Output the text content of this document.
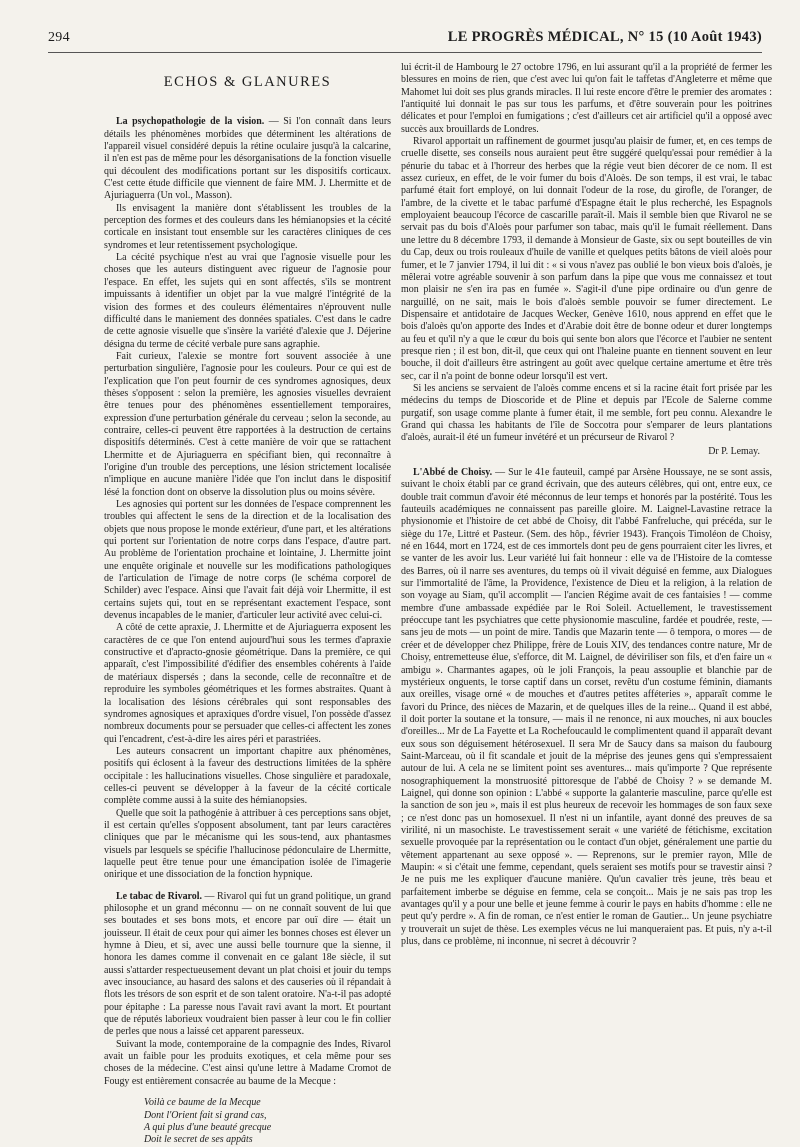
294	LE PROGRÈS MÉDICAL, N° 15 (10 Août 1943)
ECHOS & GLANURES

La psychopathologie de la vision. — Si l'on connaît dans leurs détails les phénomènes morbides que déterminent les altérations de l'appareil visuel considéré depuis la rétine oculaire jusqu'à la calcarine, il n'en est pas de même pour les désorganisations de la fonction visuelle qui découlent des modifications portant sur les dispositifs corticaux. C'est cette étude difficile que viennent de faire MM. J. Lhermitte et de Ajuriaguerra (Un vol., Masson).

Ils envisagent la manière dont s'établissent les troubles de la perception des formes et des couleurs dans les hémianopsies et la cécité corticale en insistant tout ensemble sur les caractères cliniques de ces syndromes et leur retentissement psychologique.

La cécité psychique n'est au vrai que l'agnosie visuelle pour les choses que les auteurs distinguent avec rigueur de l'agnosie pour l'espace. En effet, les sujets qui en sont affectés, s'ils se montrent impuissants à identifier un objet par la vue malgré l'intégrité de la vision des formes et des couleurs élémentaires n'éprouvent nulle difficulté dans le maniement des données spatiales. C'est dans le cadre de cette agnosie visuelle que s'insère la variété d'alexie que J. Déjerine désigna du terme de cécité verbale pure sans agraphie.

Fait curieux, l'alexie se montre fort souvent associée à une perturbation singulière, l'agnosie pour les couleurs. Pour ce qui est de l'explication que l'on peut fournir de ces syndromes agnosiques, deux thèses s'opposent : selon la première, les agnosies visuelles devraient être tenues pour des phénomènes essentiellement temporaires, expression d'une perturbation générale du cerveau ; selon la seconde, au contraire, celles-ci peuvent être rapportées à la destruction de certains dispositifs déterminés. C'est à cette manière de voir que se rattachent Lhermitte et de Ajuriaguerra en spécifiant bien, qui reconnaître à l'origine d'un trouble des perceptions, une lésion strictement localisée n'implique en aucune manière l'idée que l'on inclut dans le dispositif lésé la fonction dont on observe la dissolution plus ou moins sévère.

Les agnosies qui portent sur les données de l'espace comprennent les troubles qui affectent le sens de la direction et de la localisation des objets que nous propose le monde extérieur, d'une part, et les altérations qui portent sur l'orientation de notre corps dans l'espace, d'autre part. Au problème de l'orientation prochaine et lointaine, J. Lhermitte joint une enquête originale et nouvelle sur les modifications pathologiques de l'articulation de l'image de notre corps (le schéma corporel de Schilder) avec l'espace. Ainsi que l'avait fait déjà voir Lhermitte, il est certains sujets qui, tout en se représentant exactement l'espace, sont devenus incapables de le manier, d'articuler leur activité avec celui-ci.

A côté de cette apraxie, J. Lhermitte et de Ajuriaguerra exposent les caractères de ce que l'on entend aujourd'hui sous les termes d'apraxie constructive et d'apracto-gnosie géométrique. Dans la première, ce qui apparaît, c'est l'impossibilité d'édifier des ensembles cohérents à l'aide de matériaux dispersés ; dans la seconde, celle de reconnaître et de reproduire les symboles géométriques et les formes abstraites. Quant à la localisation des lésions cérébrales qui sont responsables des syndromes agnosiques et apraxiques d'ordre visuel, l'on possède d'assez nombreux documents pour se persuader que celles-ci affectent les zones qui l'encadrent, c'est-à-dire les aires péri et parastriées.

Les auteurs consacrent un important chapitre aux phénomènes, positifs qui éclosent à la faveur des destructions limitées de la sphère occipitale : les hallucinations visuelles. Chose singulière et paradoxale, celles-ci peuvent se développer à la faveur de la cécité corticale complète comme aussi à la suite des hémianopsies.

Quelle que soit la pathogénie à attribuer à ces perceptions sans objet, il est certain qu'elles s'opposent absolument, tant par leurs caractères cliniques que par le mécanisme qui les sous-tend, aux phantasmes visuels par lesquels se spécifie l'hallucinose pédonculaire de Lhermitte, laquelle peut être tenue pour une émancipation isolée de l'imagerie onirique et une dissociation de la fonction hypnique.

Le tabac de Rivarol. — Rivarol qui fut un grand politique, un grand philosophe et un grand méconnu — on ne connaît souvent de lui que ses boutades et ses bons mots, et encore par ouï dire — était un jouisseur. Il était de ceux pour qui aimer les bonnes choses est élever un hymne à Dieu, et si, avec une aussi belle tournure que la sienne, il honora les dames comme il convenait en ce galant 18e siècle, il sut aussi s'attarder respectueusement devant un plat choisi et jouir du temps avec insouciance, au hasard des salons et des causeries où il répandait à flots les trésors de son esprit et de son talent oratoire. N'a-t-il pas adopté pour épitaphe : La paresse nous l'avait ravi avant la mort. Et pourtant que de réputés laborieux voudraient bien passer à leur cou le fin collier de perles que nous a laissé cet apparent paresseux.

Suivant la mode, contemporaine de la compagnie des Indes, Rivarol avait un faible pour les produits exotiques, et cela même pour ses choses de la médecine. C'est ainsi qu'une lettre à Madame Cromot de Fougy est entièrement consacrée au baume de la Mecque :

Voilà ce baume de la Mecque
Dont l'Orient fait si grand cas,
A qui plus d'une beauté grecque
Doit le secret de ses appâts

lui écrit-il de Hambourg le 27 octobre 1796, en lui assurant qu'il a la propriété de fermer les blessures en moins de rien, que c'est avec lui qu'on fait le taffetas d'Angleterre et même que Mahomet lui doit ses plus grands miracles. Il lui reste encore d'être le premier des aromates : l'antiquité lui donnait le pas sur tous les parfums, et d'être souverain pour les poitrines délicates et pour l'emploi en fumigations ; c'est d'ailleurs cet air artificiel qu'il a opposé avec succès aux brouillards de Londres.

Rivarol apportait un raffinement de gourmet jusqu'au plaisir de fumer, et, en ces temps de cruelle disette, ses conseils nous auraient peut être suggéré quelqu'essai pour remédier à la pénurie du tabac et à l'horreur des herbes que la régie veut bien décorer de ce nom. Il est assez curieux, en effet, de le voir fumer du bois d'Aloès. De son temps, il est vrai, le tabac parfumé était fort employé, on lui donnait l'odeur de la rose, du girofle, de l'oranger, de l'ambre, de la civette et le tabac parfumé d'Espagne était le plus recherché, les Espagnols employaient beaucoup l'écorce de cascarille paraît-il. Mais il semble bien que Rivarol ne se servait pas du bois d'Aloès pour parfumer son tabac, mais qu'il le fumait réellement. Dans une lettre du 8 décembre 1793, il demande à Monsieur de Gaste, six ou sept bouteilles de vin du Cap, deux ou trois rouleaux d'huile de vanille et quelques petits bâtons de vieil aloès pour fumer, et le 7 janvier 1794, il lui dit : « si vous n'avez pas oublié le bon vieux bois d'aloès, je mêlerai votre agréable souvenir à son parfum dans la pipe que vous me connaissez et tout mon plaisir ne s'en ira pas en fumée ». S'agit-il d'une pipe ordinaire ou d'un genre de narguillé, on ne sait, mais le bois d'aloès semble pouvoir se fumer directement. Le Dispensaire et antidotaire de Jacques Wecker, Genève 1610, nous apprend en effet que le bois d'aloès qu'on apporte des Indes et d'Arabie doit être de bonne odeur et durer longtemps au feu et qu'il n'y a que le cœur du bois qui sente bon alors que l'écorce et l'aubier ne sentent presque rien ; il est bon, dit-il, que ceux qui ont l'haleine puante en tiennent souvent en leur bouche, il doit d'ailleurs être astringent au goût avec quelque certaine amertume et être très sec, car il n'a point de bonne odeur lorsqu'il est vert.

Si les anciens se servaient de l'aloès comme encens et si la racine était fort prisée par les médecins du temps de Dioscoride et de Pline et depuis par l'Ecole de Salerne comme purgatif, son usage comme plante à fumer était, il me semble, fort peu connu. Alexandre le Grand qui chassa les habitants de l'île de Soccotra pour s'emparer de leurs plantations d'aloès, aurait-il été un fumeur invétéré et un précurseur de Rivarol ?

Dr P. Lemay.

L'Abbé de Choisy. — Sur le 41e fauteuil, campé par Arsène Houssaye, ne se sont assis, suivant le choix établi par ce grand écrivain, que des auteurs célèbres, qui ont, entre eux, ce double trait commun d'avoir été méconnus de leur temps et honorés par la postérité. Tous les fauteuils académiques ne connaissent pas pareille gloire. M. Laignel-Lavastine retrace la physionomie et l'histoire de cet abbé de Choisy, dit l'abbé Fanfreluche, qui précéda, sur le siège du 17e, Littré et Pasteur. (Sem. des hôp., février 1943). François Timoléon de Choisy, né en 1644, mort en 1724, est de ces immortels dont peu de gens pourraient citer les livres, et se vanter de les avoir lus. Leur variété lui fait honneur : elle va de l'Histoire de la comtesse des Barres, où il narre ses aventures, du temps où il vivait déguisé en femme, aux Dialogues sur l'immortalité de l'âme, la Providence, l'existence de Dieu et la religion, à la relation de son voyage au Siam, qu'il accomplit — l'ancien Régime avait de ces fantaisies ! — comme membre d'une ambassade expédiée par le Roi Soleil. Actuellement, le travestissement préoccupe tant les psychiatres que cette physionomie masculine, fardée et poudrée, reste, — sans jeu de mots — un point de mire. Tandis que Mazarin tente — ô tempora, o mores — de créer et de développer chez Philippe, frère de Louis XIV, des tendances contre nature, Mr de Choisy, entremetteuse élue, s'efforce, dit M. Laignel, de déviriliser son fils, et d'en faire un « ambigu ». Charmantes agapes, où le joli François, la peau assouplie et blanchie par de mystérieux onguents, le torse captif dans un corset, revêtu d'un costume féminin, diamants aux oreilles, visage orné « de mouches et d'autres petites afféteries », apparaît comme le favori du Prince, des nièces de Mazarin, et de quelques illes de la reine... Quand il est abbé, il doit porter la soutane et la tonsure, — mais il ne renonce, ni aux mouches, ni aux boucles d'oreilles... Mr de La Fayette et La Rochefoucauld le complimentent quand il apparaît devant eux sous son déguisement hétérosexuel. Il sera Mr de Saucy dans sa maison du faubourg Saint-Marceau, où il fit scandale et jouit de la méprise des jeunes gens qui s'empressaient autour de lui. A cela ne se limitent point ses aventures... mais qu'importe ? Que représente nosographiquement la monstruosité pittoresque de l'abbé de Choisy ? » se demande M. Laignel, qui donne son opinion : L'abbé « supporte la galanterie masculine, parce qu'elle est la sanction de son jeu », mais il est plus heureux de recevoir les hommages de son faux sexe ; ce n'est donc pas un homosexuel. Il n'est ni un infantile, ayant donné des preuves de sa virilité, ni un masochiste. Le travestissement serait « une variété de fétichisme, excitation sexuelle provoquée par la représentation ou le contact d'un objet, généralement une partie du vêtement appartenant au sexe opposé ». — Reprenons, sur le premier rayon, Mlle de Maupin: « si c'était une femme, cependant, quels seraient ses motifs pour se travestir ainsi ? Je ne puis me les expliquer d'aucune manière. Qu'un cavalier très jeune, très beau et parfaitement imberbe se déguise en femme, cela se conçoit... Mais je ne sais pas trop les avantages qu'il y a pour une belle et jeune femme à courir le pays en habits d'homme : elle ne peut qu'y perdre ». A fin de roman, ce n'est entier le roman de Gautier... Un jeune psychiatre y trouverait un sujet de thèse. Les exemples vécus ne lui manqueraient pas. Et puis, n'y a-t-il plus, dans ce problème, ni inconnue, ni secret à découvrir ?
